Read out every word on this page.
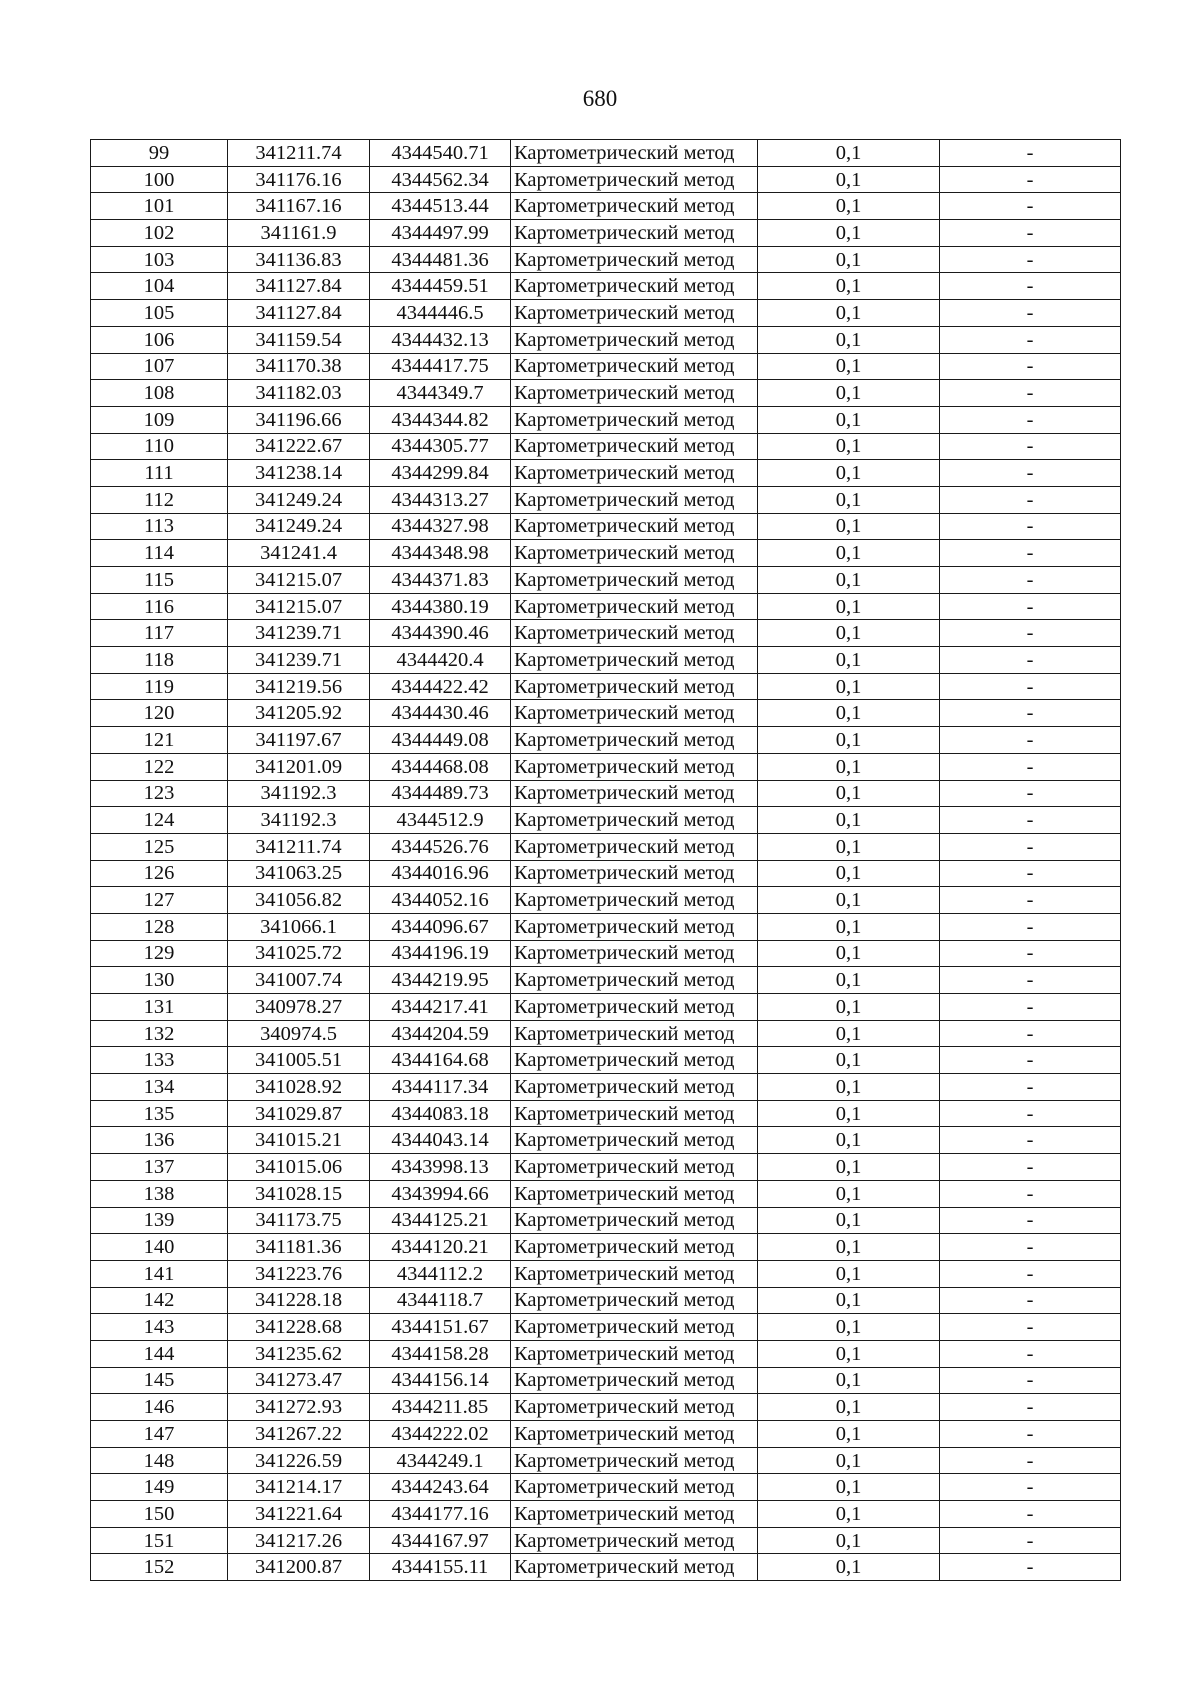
680
99	341211.74	4344540.71	Картометрический метод	0,1	-
100	341176.16	4344562.34	Картометрический метод	0,1	-
101	341167.16	4344513.44	Картометрический метод	0,1	-
102	341161.9	4344497.99	Картометрический метод	0,1	-
103	341136.83	4344481.36	Картометрический метод	0,1	-
104	341127.84	4344459.51	Картометрический метод	0,1	-
105	341127.84	4344446.5	Картометрический метод	0,1	-
106	341159.54	4344432.13	Картометрический метод	0,1	-
107	341170.38	4344417.75	Картометрический метод	0,1	-
108	341182.03	4344349.7	Картометрический метод	0,1	-
109	341196.66	4344344.82	Картометрический метод	0,1	-
110	341222.67	4344305.77	Картометрический метод	0,1	-
111	341238.14	4344299.84	Картометрический метод	0,1	-
112	341249.24	4344313.27	Картометрический метод	0,1	-
113	341249.24	4344327.98	Картометрический метод	0,1	-
114	341241.4	4344348.98	Картометрический метод	0,1	-
115	341215.07	4344371.83	Картометрический метод	0,1	-
116	341215.07	4344380.19	Картометрический метод	0,1	-
117	341239.71	4344390.46	Картометрический метод	0,1	-
118	341239.71	4344420.4	Картометрический метод	0,1	-
119	341219.56	4344422.42	Картометрический метод	0,1	-
120	341205.92	4344430.46	Картометрический метод	0,1	-
121	341197.67	4344449.08	Картометрический метод	0,1	-
122	341201.09	4344468.08	Картометрический метод	0,1	-
123	341192.3	4344489.73	Картометрический метод	0,1	-
124	341192.3	4344512.9	Картометрический метод	0,1	-
125	341211.74	4344526.76	Картометрический метод	0,1	-
126	341063.25	4344016.96	Картометрический метод	0,1	-
127	341056.82	4344052.16	Картометрический метод	0,1	-
128	341066.1	4344096.67	Картометрический метод	0,1	-
129	341025.72	4344196.19	Картометрический метод	0,1	-
130	341007.74	4344219.95	Картометрический метод	0,1	-
131	340978.27	4344217.41	Картометрический метод	0,1	-
132	340974.5	4344204.59	Картометрический метод	0,1	-
133	341005.51	4344164.68	Картометрический метод	0,1	-
134	341028.92	4344117.34	Картометрический метод	0,1	-
135	341029.87	4344083.18	Картометрический метод	0,1	-
136	341015.21	4344043.14	Картометрический метод	0,1	-
137	341015.06	4343998.13	Картометрический метод	0,1	-
138	341028.15	4343994.66	Картометрический метод	0,1	-
139	341173.75	4344125.21	Картометрический метод	0,1	-
140	341181.36	4344120.21	Картометрический метод	0,1	-
141	341223.76	4344112.2	Картометрический метод	0,1	-
142	341228.18	4344118.7	Картометрический метод	0,1	-
143	341228.68	4344151.67	Картометрический метод	0,1	-
144	341235.62	4344158.28	Картометрический метод	0,1	-
145	341273.47	4344156.14	Картометрический метод	0,1	-
146	341272.93	4344211.85	Картометрический метод	0,1	-
147	341267.22	4344222.02	Картометрический метод	0,1	-
148	341226.59	4344249.1	Картометрический метод	0,1	-
149	341214.17	4344243.64	Картометрический метод	0,1	-
150	341221.64	4344177.16	Картометрический метод	0,1	-
151	341217.26	4344167.97	Картометрический метод	0,1	-
152	341200.87	4344155.11	Картометрический метод	0,1	-
